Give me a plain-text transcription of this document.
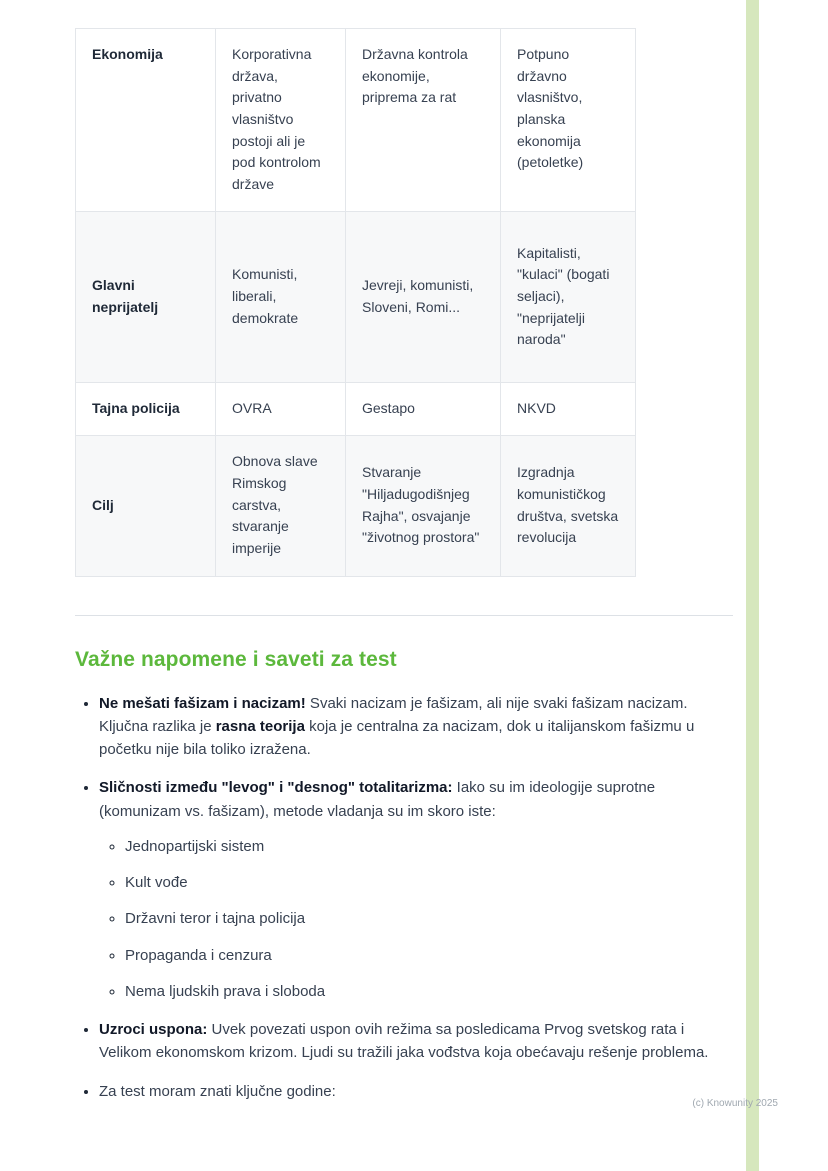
Ekonomija	Korporativna država, privatno vlasništvo postoji ali je pod kontrolom države	Državna kontrola ekonomije, priprema za rat	Potpuno državno vlasništvo, planska ekonomija (petoletke)
Glavni neprijatelj	Komunisti, liberali, demokrate	Jevreji, komunisti, Sloveni, Romi...	Kapitalisti, "kulaci" (bogati seljaci), "neprijatelji naroda"
Tajna policija	OVRA	Gestapo	NKVD
Cilj	Obnova slave Rimskog carstva, stvaranje imperije	Stvaranje "Hiljadugodišnjeg Rajha", osvajanje "životnog prostora"	Izgradnja komunističkog društva, svetska revolucija
Važne napomene i saveti za test
• Ne mešati fašizam i nacizam! Svaki nacizam je fašizam, ali nije svaki fašizam nacizam. Ključna razlika je rasna teorija koja je centralna za nacizam, dok u italijanskom fašizmu u početku nije bila toliko izražena.
• Sličnosti između "levog" i "desnog" totalitarizma: Iako su im ideologije suprotne (komunizam vs. fašizam), metode vladanja su im skoro iste:
◦ Jednopartijski sistem
◦ Kult vođe
◦ Državni teror i tajna policija
◦ Propaganda i cenzura
◦ Nema ljudskih prava i sloboda
• Uzroci uspona: Uvek povezati uspon ovih režima sa posledicama Prvog svetskog rata i Velikom ekonomskom krizom. Ljudi su tražili jaka vođstva koja obećavaju rešenje problema.
• Za test moram znati ključne godine:
(c) Knowunity 2025
